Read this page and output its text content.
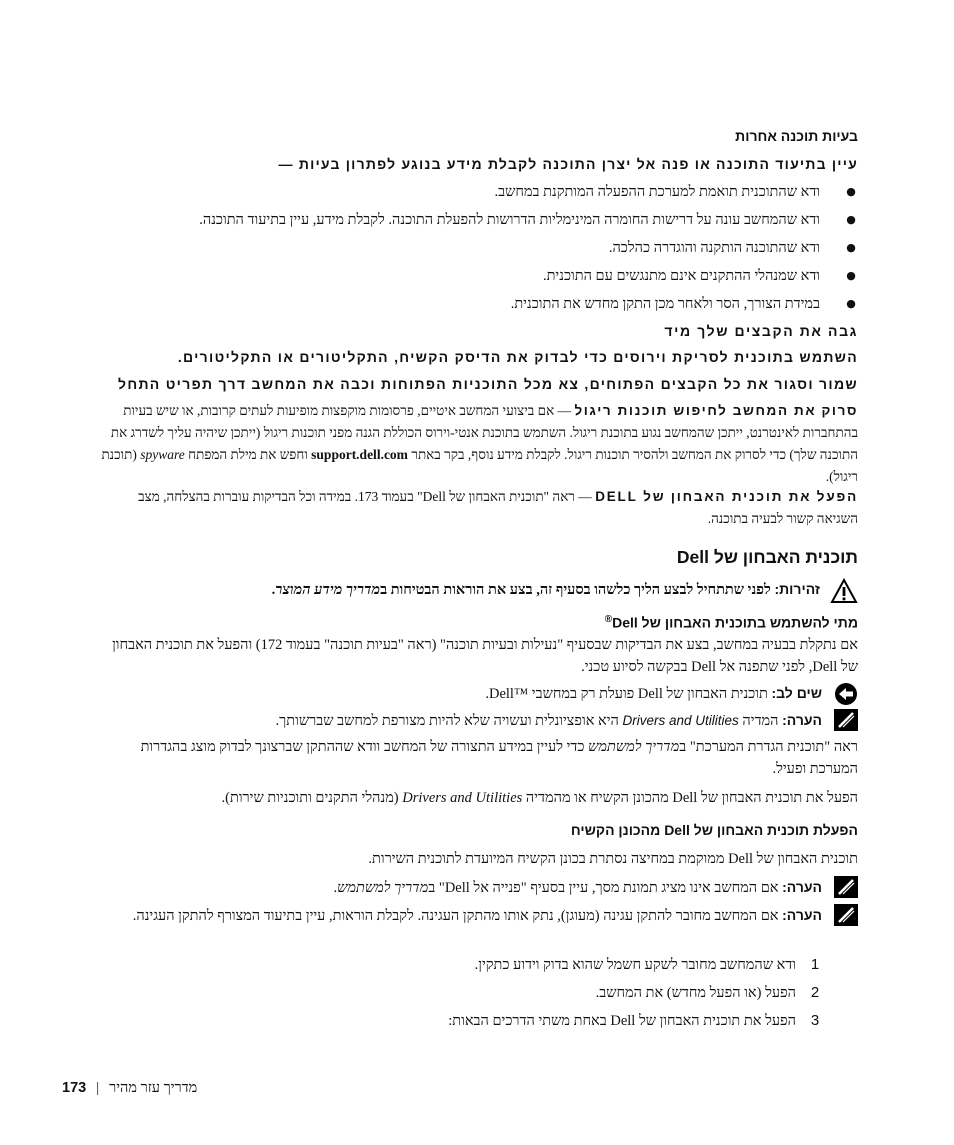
בעיות תוכנה אחרות
עיין בתיעוד התוכנה או פנה אל יצרן התוכנה לקבלת מידע בנוגע לפתרון בעיות —
●
ודא שהתוכנית תואמת למערכת ההפעלה המותקנת במחשב.
●
ודא שהמחשב עונה על דרישות החומרה המינימליות הדרושות להפעלת התוכנה. לקבלת מידע, עיין בתיעוד התוכנה.
●
ודא שהתוכנה הותקנה והוגדרה כהלכה.
●
ודא שמנהלי ההתקנים אינם מתנגשים עם התוכנית.
●
במידת הצורך, הסר ולאחר מכן התקן מחדש את התוכנית.
גבה את הקבצים שלך מיד
השתמש בתוכנית לסריקת וירוסים כדי לבדוק את הדיסק הקשיח, התקליטורים או התקליטורים.
שמור וסגור את כל הקבצים הפתוחים, צא מכל התוכניות הפתוחות וכבה את המחשב דרך תפריט התחל
סרוק את המחשב לחיפוש תוכנות ריגול — אם ביצועי המחשב איטיים, פרסומות מוקפצות מופיעות לעתים קרובות, או שיש בעיות בהתחברות לאינטרנט, ייתכן שהמחשב נגוע בתוכנת ריגול. השתמש בתוכנת אנטי-וירוס הכוללת הגנה מפני תוכנות ריגול (ייתכן שיהיה עליך לשדרג את התוכנה שלך) כדי לסרוק את המחשב ולהסיר תוכנות ריגול. לקבלת מידע נוסף, בקר באתר support.dell.com וחפש את מילת המפתח spyware (תוכנת ריגול).
הפעל את תוכנית האבחון של DELL — ראה "תוכנית האבחון של Dell" בעמוד 173. במידה וכל הבדיקות עוברות בהצלחה, מצב השגיאה קשור לבעיה בתוכנה.
תוכנית האבחון של Dell
זהירות: לפני שתתחיל לבצע הליך כלשהו בסעיף זה, בצע את הוראות הבטיחות במדריך מידע המוצר.
מתי להשתמש בתוכנית האבחון של Dell®
אם נתקלת בבעיה במחשב, בצע את הבדיקות שבסעיף "נעילות ובעיות תוכנה" (ראה "בעיות תוכנה" בעמוד 172) והפעל את תוכנית האבחון של Dell, לפני שתפנה אל Dell בבקשה לסיוע טכני.
שים לב: תוכנית האבחון של Dell פועלת רק במחשבי ™Dell.
הערה: המדיה Drivers and Utilities היא אופציונלית ועשויה שלא להיות מצורפת למחשב שברשותך.
ראה "תוכנית הגדרת המערכת" במדריך למשתמש כדי לעיין במידע התצורה של המחשב וודא שההתקן שברצונך לבדוק מוצג בהגדרות המערכת ופעיל.
הפעל את תוכנית האבחון של Dell מהכונן הקשיח או מהמדיה Drivers and Utilities (מנהלי התקנים ותוכניות שירות).
הפעלת תוכנית האבחון של Dell מהכונן הקשיח
תוכנית האבחון של Dell ממוקמת במחיצה נסתרת בכונן הקשיח המיועדת לתוכנית השירות.
הערה: אם המחשב אינו מציג תמונת מסך, עיין בסעיף "פנייה אל Dell" במדריך למשתמש.
הערה: אם המחשב מחובר להתקן עגינה (מעוגן), נתק אותו מהתקן העגינה. לקבלת הוראות, עיין בתיעוד המצורף להתקן העגינה.
1
ודא שהמחשב מחובר לשקע חשמל שהוא בדוק וידוע כתקין.
2
הפעל (או הפעל מחדש) את המחשב.
3
הפעל את תוכנית האבחון של Dell באחת משתי הדרכים הבאות:
173 | מדריך עזר מהיר
